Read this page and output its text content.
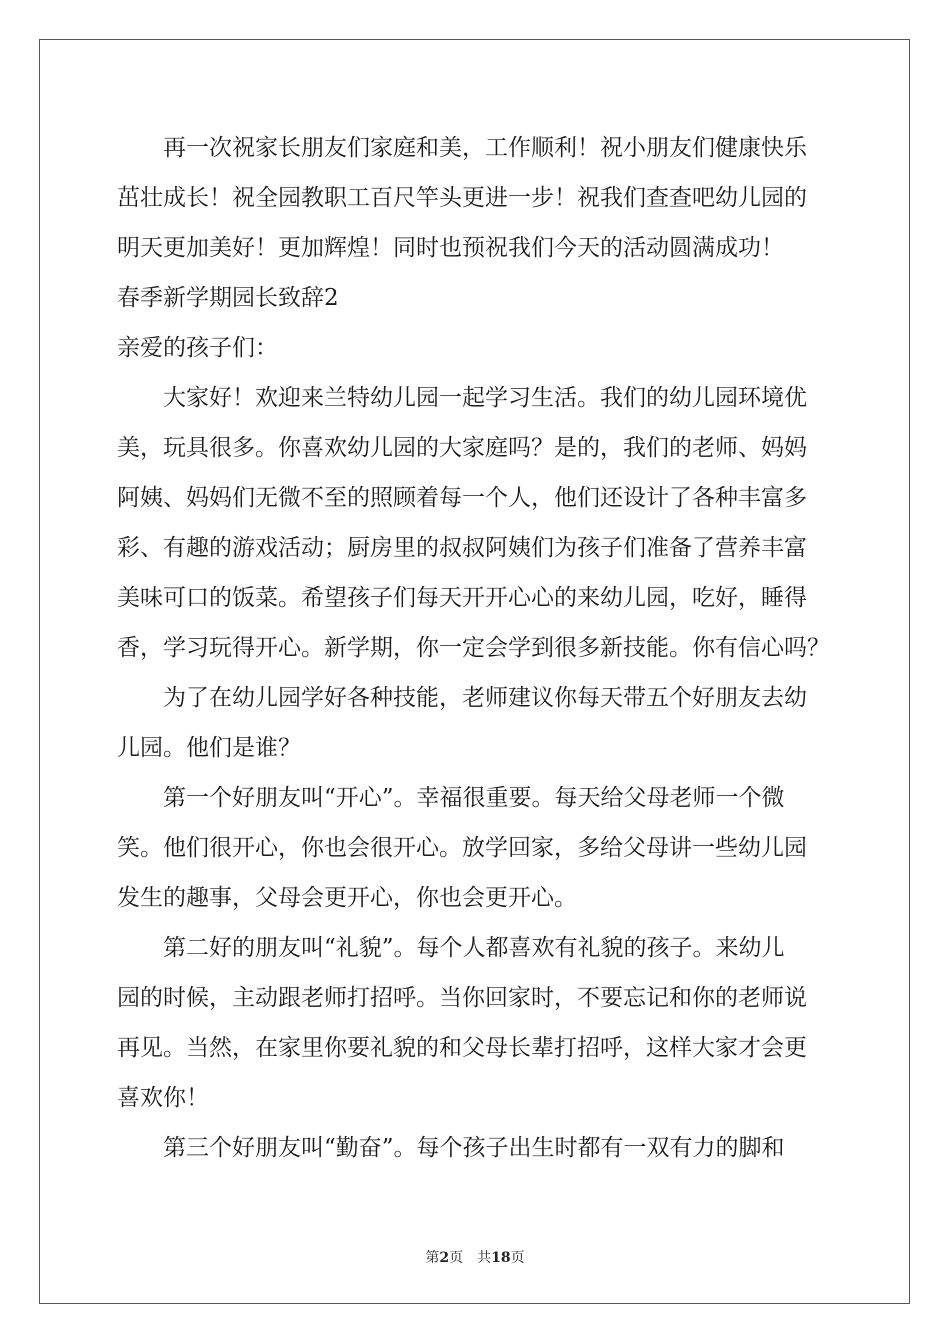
再一次祝家长朋友们家庭和美，工作顺利！祝小朋友们健康快乐
茁壮成长！祝全园教职工百尺竿头更进一步！祝我们查查吧幼儿园的
明天更加美好！更加辉煌！同时也预祝我们今天的活动圆满成功！
春季新学期园长致辞2
亲爱的孩子们：
大家好！欢迎来兰特幼儿园一起学习生活。我们的幼儿园环境优
美，玩具很多。你喜欢幼儿园的大家庭吗？是的，我们的老师、妈妈
阿姨、妈妈们无微不至的照顾着每一个人，他们还设计了各种丰富多
彩、有趣的游戏活动；厨房里的叔叔阿姨们为孩子们准备了营养丰富
美味可口的饭菜。希望孩子们每天开开心心的来幼儿园，吃好，睡得
香，学习玩得开心。新学期，你一定会学到很多新技能。你有信心吗？
为了在幼儿园学好各种技能，老师建议你每天带五个好朋友去幼
儿园。他们是谁？
第一个好朋友叫“开心”。幸福很重要。每天给父母老师一个微
笑。他们很开心，你也会很开心。放学回家，多给父母讲一些幼儿园
发生的趣事，父母会更开心，你也会更开心。
第二好的朋友叫“礼貌”。每个人都喜欢有礼貌的孩子。来幼儿
园的时候，主动跟老师打招呼。当你回家时，不要忘记和你的老师说
再见。当然，在家里你要礼貌的和父母长辈打招呼，这样大家才会更
喜欢你！
第三个好朋友叫“勤奋”。每个孩子出生时都有一双有力的脚和
第2页 共18页
